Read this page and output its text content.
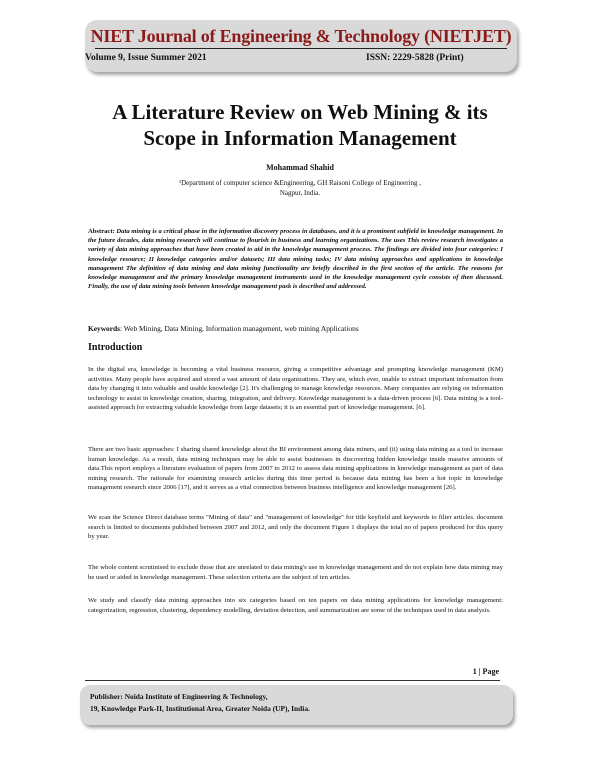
NIET Journal of Engineering & Technology (NIETJET)
Volume 9, Issue Summer 2021	ISSN: 2229-5828 (Print)
A Literature Review on Web Mining & its
Scope in Information Management
Mohammad Shahid
¹Department of computer science &Engineering, GH Raisoni College of Engineering ,
Nagpur, India.

Abstract: Data mining is a critical phase in the information discovery process in databases, and it is a prominent subfield in knowledge management. In the future decades, data mining research will continue to flourish in business and learning organizations. The uses This review research investigates a variety of data mining approaches that have been created to aid in the knowledge management process. The findings are divided into four categories: I knowledge resource; II knowledge categories and/or datasets; III data mining tasks; IV data mining approaches and applications in knowledge management The definition of data mining and data mining functionality are briefly described in the first section of the article. The reasons for knowledge management and the primary knowledge management instruments used in the knowledge management cycle consists of then discussed. Finally, the use of data mining tools between knowledge management pask is described and addressed.

Keywords: Web Mining, Data Mining, Information management, web mining Applications
Introduction

In the digital era, knowledge is becoming a vital business resource, giving a competitive advantage and prompting knowledge management (KM) activities. Many people have acquired and stored a vast amount of data organizations. They are, which ever, unable to extract important information from data by changing it into valuable and usable knowledge [2]. It's challenging to manage knowledge resources. Many companies are relying on information technology to assist in knowledge creation, sharing, integration, and delivery. Knowledge management is a data-driven process [6]. Data mining is a tool-assisted approach for extracting valuable knowledge from large datasets; it is an essential part of knowledge management. [6].

There are two basic approaches: I sharing shared knowledge about the BI environment among data miners, and (ii) using data mining as a tool to increase human knowledge. As a result, data mining techniques may be able to assist businesses in discovering hidden knowledge inside massive amounts of data.This report employs a literature evaluation of papers from 2007 to 2012 to assess data mining applications in knowledge management as part of data mining research. The rationale for examining research articles during this time period is because data mining has been a hot topic in knowledge management research since 2006 [17], and it serves as a vital connection between business intelligence and knowledge management [26].

We scan the Science Direct database terms "Mining of data" and "management of knowledge" for title keyfield and keywords to filter articles. document search is limited to documents published between 2007 and 2012, and only the document Figure 1 displays the total no of papers produced for this query by year.

The whole content scrutinised to exclude those that are unrelated to data mining's use in knowledge management and do not explain how data mining may be used or aided in knowledge management. These selection criteria are the subject of ten articles.

We study and classify data mining approaches into six categories based on ten papers on data mining applications for knowledge management: categorization, regression, clustering, dependency modelling, deviation detection, and summarization are some of the techniques used in data analysis.

1 | Page
Publisher: Noida Institute of Engineering & Technology,
19, Knowledge Park-II, Institutional Area, Greater Noida (UP), India.
